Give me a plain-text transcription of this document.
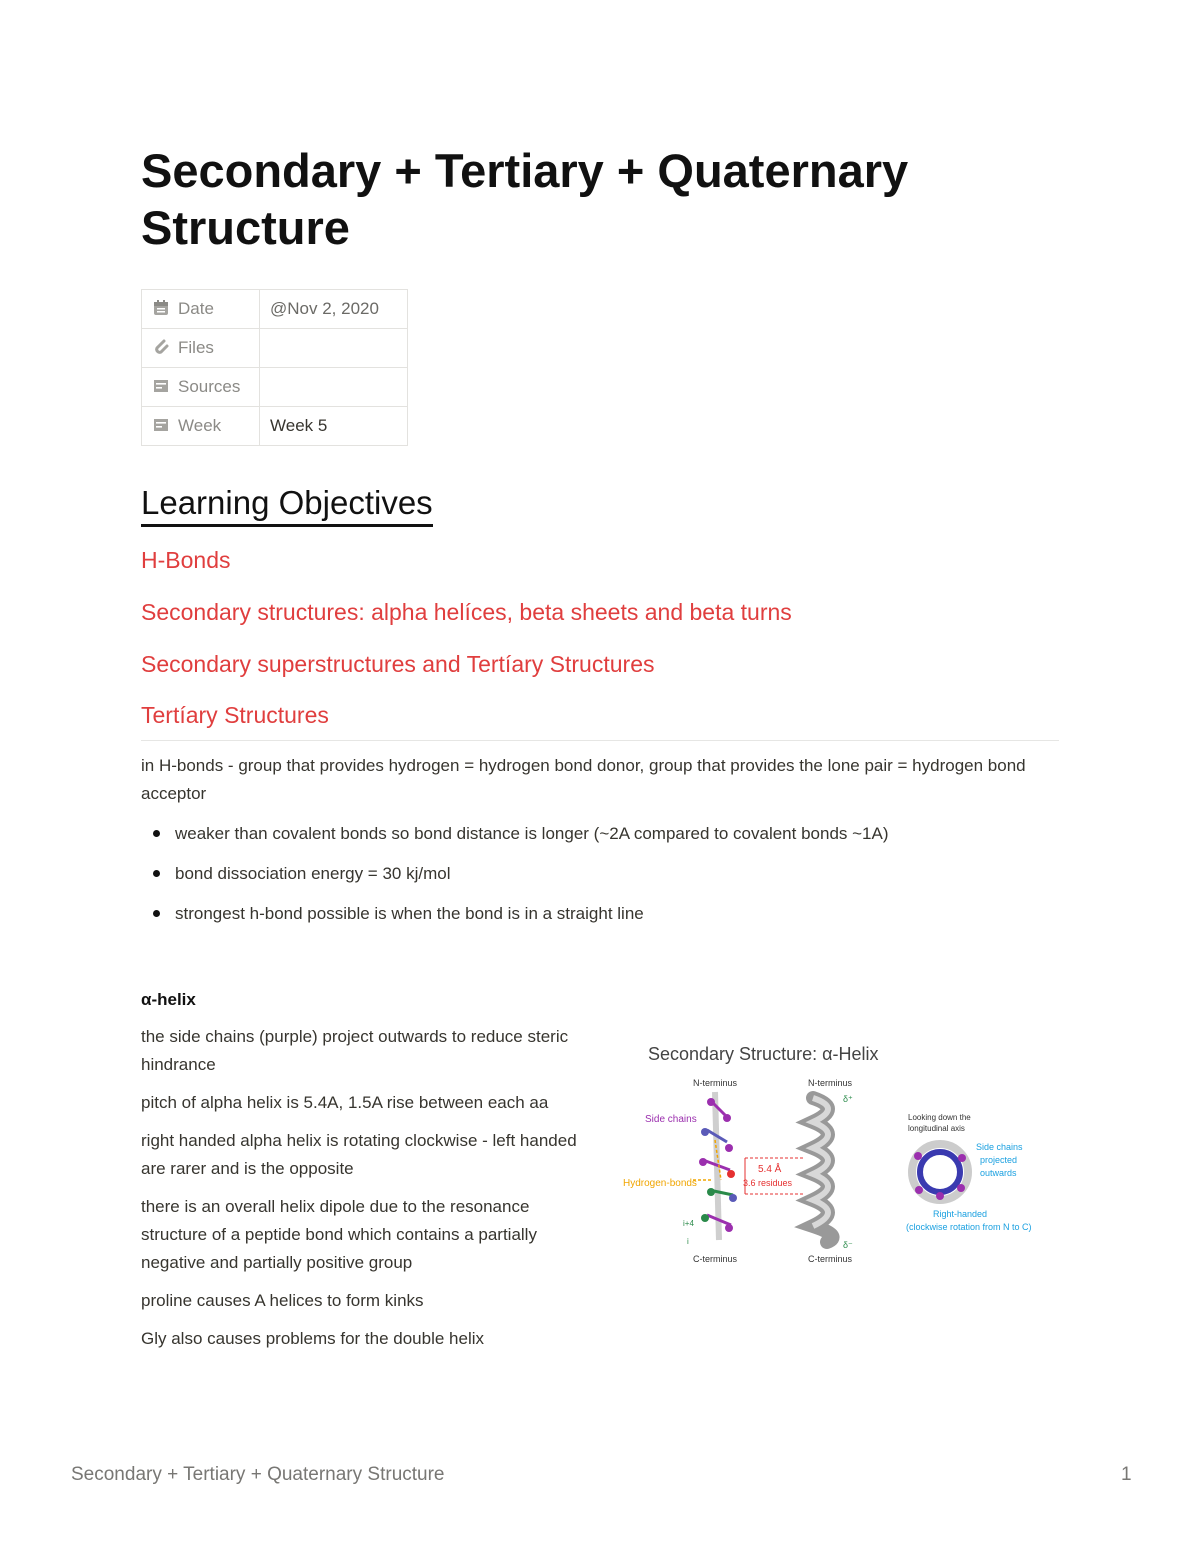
Secondary + Tertiary + Quaternary Structure
Date	@Nov 2, 2020
Files	
Sources	
Week	Week 5
Learning Objectives
H-Bonds
Secondary structures: alpha helíces, beta sheets and beta turns
Secondary superstructures and Tertíary Structures
Tertíary Structures

in H-bonds - group that provides hydrogen = hydrogen bond donor, group that provides the lone pair = hydrogen bond acceptor

weaker than covalent bonds so bond distance is longer (~2A compared to covalent bonds ~1A)
bond dissociation energy = 30 kj/mol
strongest h-bond possible is when the bond is in a straight line
α-helix

the side chains (purple) project outwards to reduce steric hindrance

pitch of alpha helix is 5.4A, 1.5A rise between each aa

right handed alpha helix is rotating clockwise - left handed are rarer and is the opposite

there is an overall helix dipole due to the resonance structure of a peptide bond which contains a partially negative and partially positive group

proline causes A helices to form kinks

Gly also causes problems for the double helix

Secondary Structure: α-Helix
N-terminus
Side chains
Hydrogen-bonds
C-terminus
i+4
i
5.4 Å
3.6 residues
N-terminus
δ⁺
δ⁻
C-terminus
Looking down the
longitudinal axis
Side chains
projected
outwards
Right-handed
(clockwise rotation from N to C)
Secondary + Tertiary + Quaternary Structure	1
